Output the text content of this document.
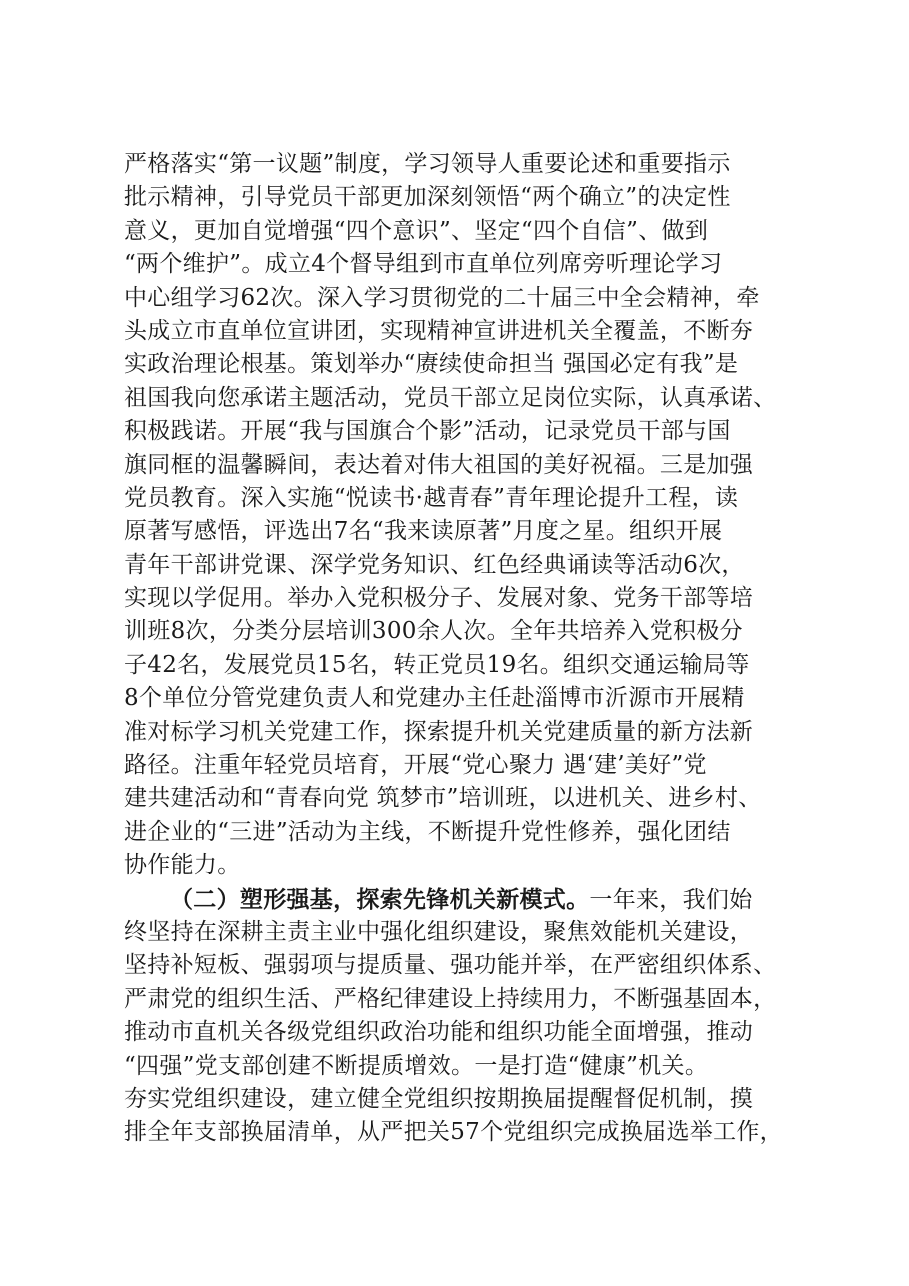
严格落实“第一议题”制度，学习领导人重要论述和重要指示
批示精神，引导党员干部更加深刻领悟“两个确立”的决定性
意义，更加自觉增强“四个意识”、坚定“四个自信”、做到
“两个维护”。成立4个督导组到市直单位列席旁听理论学习
中心组学习62次。深入学习贯彻党的二十届三中全会精神，牵
头成立市直单位宣讲团，实现精神宣讲进机关全覆盖，不断夯
实政治理论根基。策划举办“赓续使命担当 强国必定有我”是
祖国我向您承诺主题活动，党员干部立足岗位实际，认真承诺、
积极践诺。开展“我与国旗合个影”活动，记录党员干部与国
旗同框的温馨瞬间，表达着对伟大祖国的美好祝福。三是加强
党员教育。深入实施“悦读书·越青春”青年理论提升工程，读
原著写感悟，评选出7名“我来读原著”月度之星。组织开展
青年干部讲党课、深学党务知识、红色经典诵读等活动6次，
实现以学促用。举办入党积极分子、发展对象、党务干部等培
训班8次，分类分层培训300余人次。全年共培养入党积极分
子42名，发展党员15名，转正党员19名。组织交通运输局等
8个单位分管党建负责人和党建办主任赴淄博市沂源市开展精
准对标学习机关党建工作，探索提升机关党建质量的新方法新
路径。注重年轻党员培育，开展“党心聚力 遇‘建’美好”党
建共建活动和“青春向党 筑梦市”培训班，以进机关、进乡村、
进企业的“三进”活动为主线，不断提升党性修养，强化团结
协作能力。
（二）塑形强基，探索先锋机关新模式。一年来，我们始
终坚持在深耕主责主业中强化组织建设，聚焦效能机关建设，
坚持补短板、强弱项与提质量、强功能并举，在严密组织体系、
严肃党的组织生活、严格纪律建设上持续用力，不断强基固本，
推动市直机关各级党组织政治功能和组织功能全面增强，推动
“四强”党支部创建不断提质增效。一是打造“健康”机关。
夯实党组织建设，建立健全党组织按期换届提醒督促机制，摸
排全年支部换届清单，从严把关57个党组织完成换届选举工作，
